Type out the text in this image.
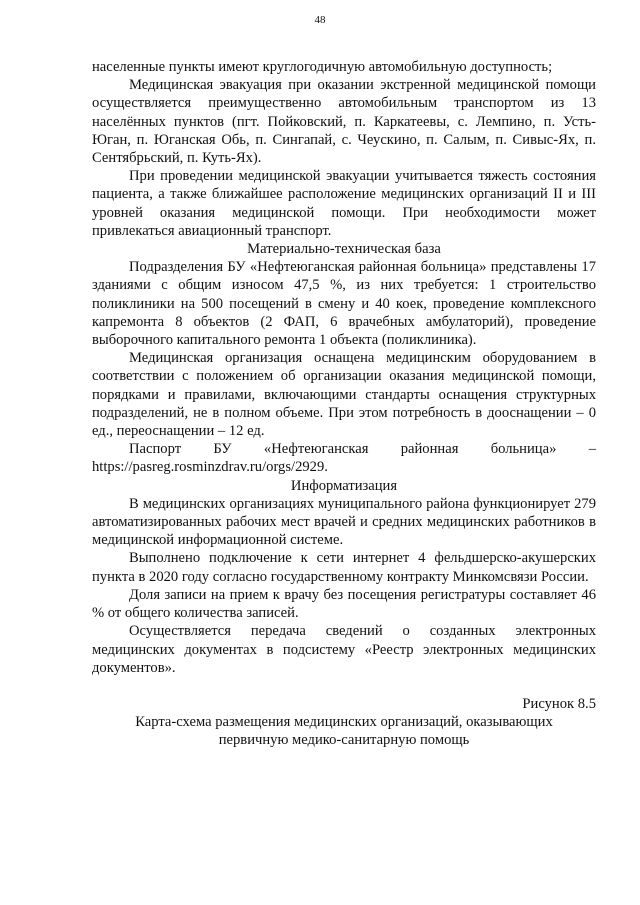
48

населенные пункты имеют круглогодичную автомобильную доступность;

Медицинская эвакуация при оказании экстренной медицинской помощи осуществляется преимущественно автомобильным транспортом из 13 населённых пунктов (пгт. Пойковский, п. Каркатеевы, с. Лемпино, п. Усть-Юган, п. Юганская Обь, п. Сингапай, с. Чеускино, п. Салым, п. Сивыс-Ях, п. Сентябрьский, п. Куть-Ях).

При проведении медицинской эвакуации учитывается тяжесть состояния пациента, а также ближайшее расположение медицинских организаций II и III уровней оказания медицинской помощи. При необходимости может привлекаться авиационный транспорт.

Материально-техническая база

Подразделения БУ «Нефтеюганская районная больница» представлены 17 зданиями с общим износом 47,5 %, из них требуется: 1 строительство поликлиники на 500 посещений в смену и 40 коек, проведение комплексного капремонта 8 объектов (2 ФАП, 6 врачебных амбулаторий), проведение выборочного капитального ремонта 1 объекта (поликлиника).

Медицинская организация оснащена медицинским оборудованием в соответствии с положением об организации оказания медицинской помощи, порядками и правилами, включающими стандарты оснащения структурных подразделений, не в полном объеме. При этом потребность в дооснащении – 0 ед., переоснащении – 12 ед.

Паспорт БУ «Нефтеюганская районная больница» – https://pasreg.rosminzdrav.ru/orgs/2929.

Информатизация

В медицинских организациях муниципального района функционирует 279 автоматизированных рабочих мест врачей и средних медицинских работников в медицинской информационной системе.

Выполнено подключение к сети интернет 4 фельдшерско-акушерских пункта в 2020 году согласно государственному контракту Минкомсвязи России.

Доля записи на прием к врачу без посещения регистратуры составляет 46 % от общего количества записей.

Осуществляется передача сведений о созданных электронных медицинских документах в подсистему «Реестр электронных медицинских документов».

Рисунок 8.5

Карта-схема размещения медицинских организаций, оказывающих

первичную медико-санитарную помощь
